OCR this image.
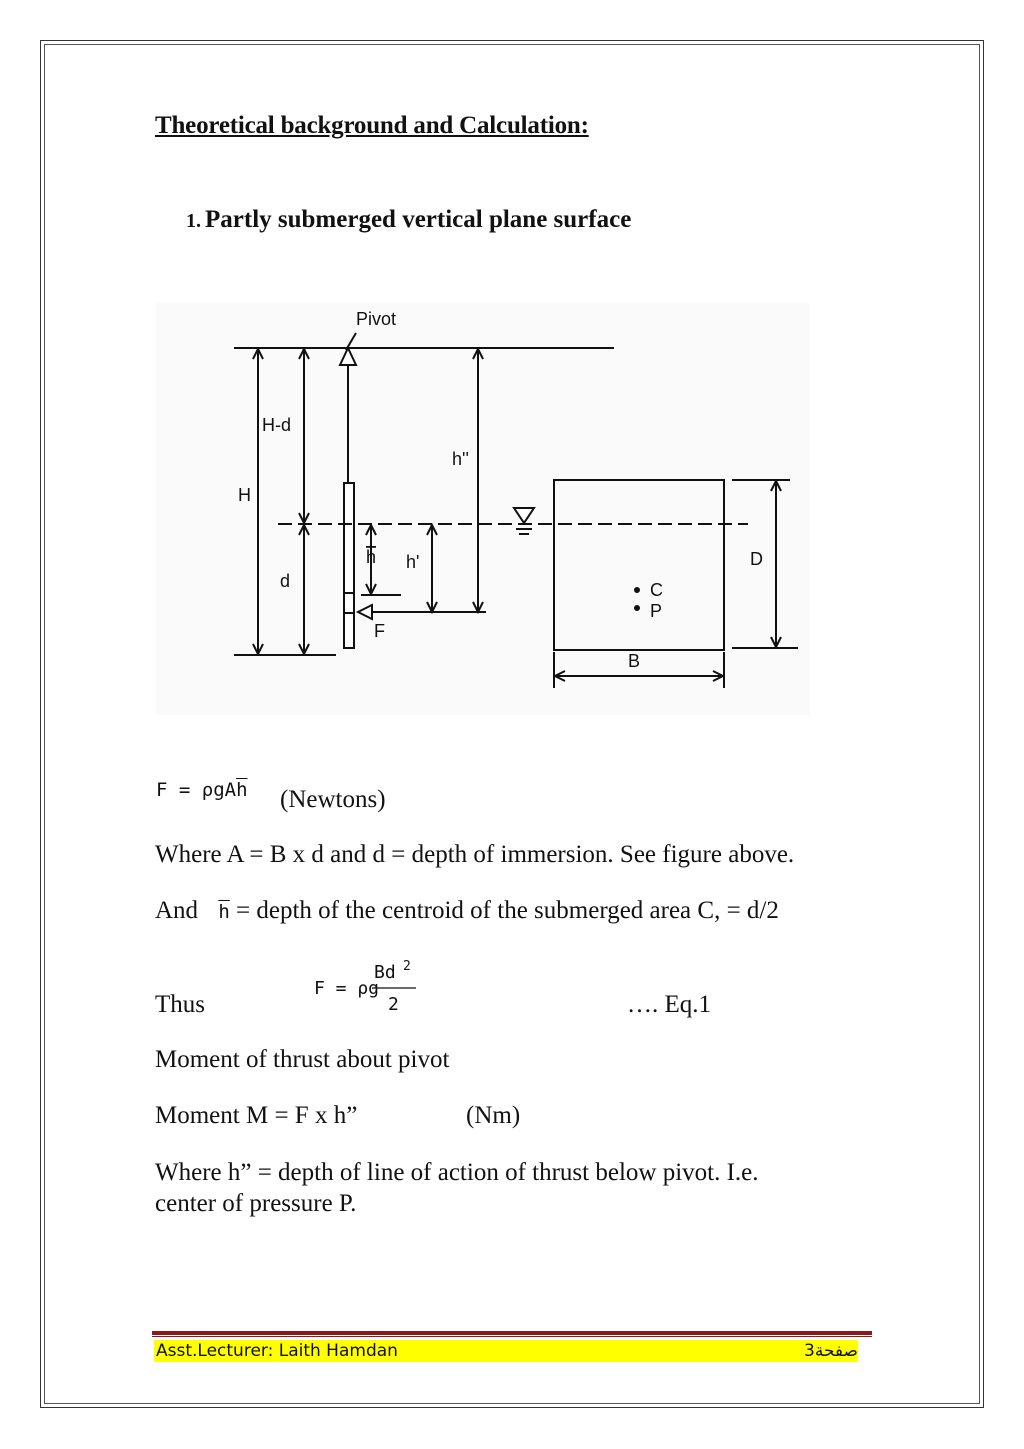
Theoretical background and Calculation:
1. Partly submerged vertical plane surface
Pivot
H-d
H
d
h''
h h'
F
C
P
D
B
$F = \rho gA\overline{h}$ (Newtons)
Where A = B x d and d = depth of immersion. See figure above.
And $\overline{h}$ = depth of the centroid of the submerged area C, = d/2
Thus
F = ρg
Bd 2
2	…. Eq.1
Moment of thrust about pivot
Moment M = F x h”	(Nm)
Where h” = depth of line of action of thrust below pivot. I.e.
center of pressure P.
Asst.Lecturer: Laith Hamdan	صفحة3
